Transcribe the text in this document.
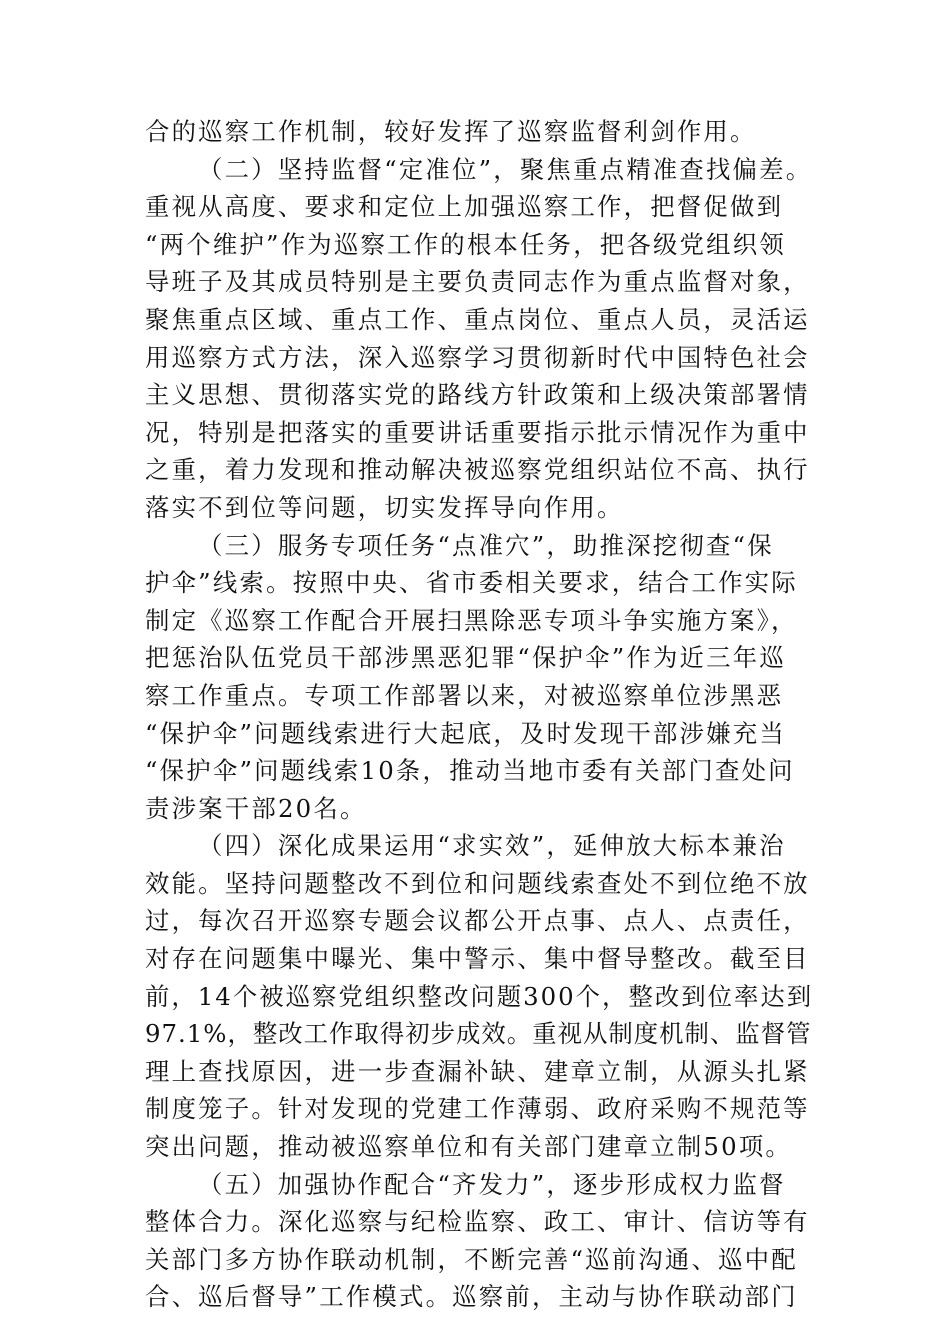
合的巡察工作机制，较好发挥了巡察监督利剑作用。
（二）坚持监督“定准位”，聚焦重点精准查找偏差。
重视从高度、要求和定位上加强巡察工作，把督促做到
“两个维护”作为巡察工作的根本任务，把各级党组织领
导班子及其成员特别是主要负责同志作为重点监督对象，
聚焦重点区域、重点工作、重点岗位、重点人员，灵活运
用巡察方式方法，深入巡察学习贯彻新时代中国特色社会
主义思想、贯彻落实党的路线方针政策和上级决策部署情
况，特别是把落实的重要讲话重要指示批示情况作为重中
之重，着力发现和推动解决被巡察党组织站位不高、执行
落实不到位等问题，切实发挥导向作用。
（三）服务专项任务“点准穴”，助推深挖彻查“保
护伞”线索。按照中央、省市委相关要求，结合工作实际
制定《巡察工作配合开展扫黑除恶专项斗争实施方案》，
把惩治队伍党员干部涉黑恶犯罪“保护伞”作为近三年巡
察工作重点。专项工作部署以来，对被巡察单位涉黑恶
“保护伞”问题线索进行大起底，及时发现干部涉嫌充当
“保护伞”问题线索10条，推动当地市委有关部门查处问
责涉案干部20名。
（四）深化成果运用“求实效”，延伸放大标本兼治
效能。坚持问题整改不到位和问题线索查处不到位绝不放
过，每次召开巡察专题会议都公开点事、点人、点责任，
对存在问题集中曝光、集中警示、集中督导整改。截至目
前，14个被巡察党组织整改问题300个，整改到位率达到
97.1%，整改工作取得初步成效。重视从制度机制、监督管
理上查找原因，进一步查漏补缺、建章立制，从源头扎紧
制度笼子。针对发现的党建工作薄弱、政府采购不规范等
突出问题，推动被巡察单位和有关部门建章立制50项。
（五）加强协作配合“齐发力”，逐步形成权力监督
整体合力。深化巡察与纪检监察、政工、审计、信访等有
关部门多方协作联动机制，不断完善“巡前沟通、巡中配
合、巡后督导”工作模式。巡察前，主动与协作联动部门
